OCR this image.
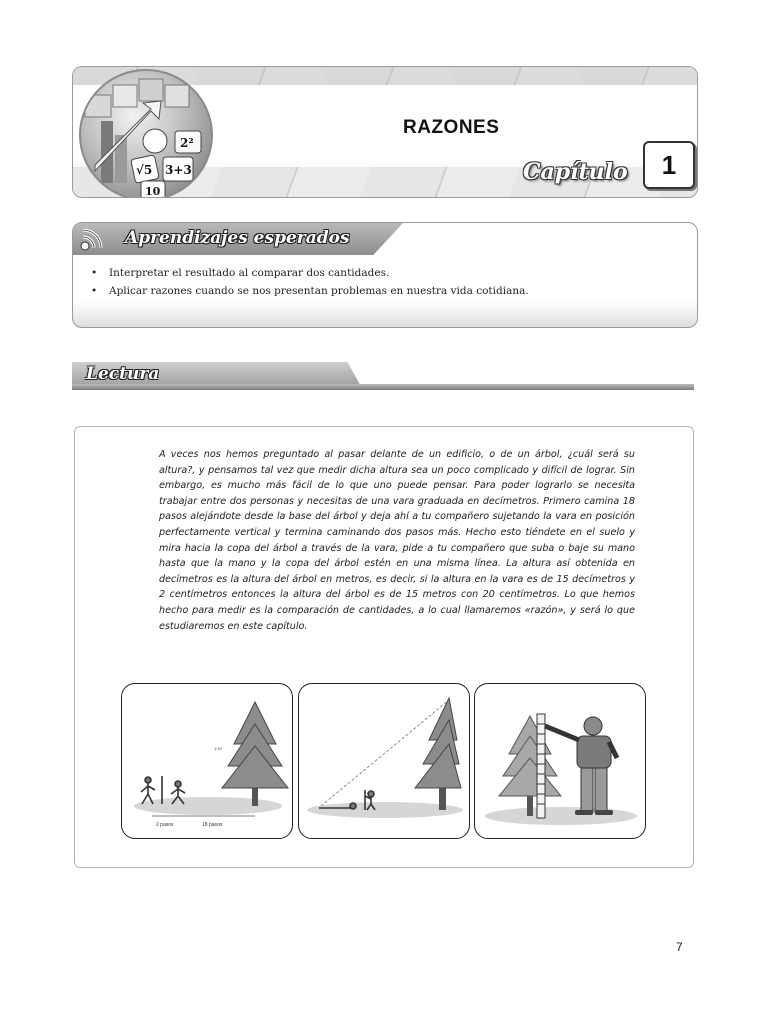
2²
√5 3+3
10
RAZONES
Capítulo	1
Aprendizajes esperados
• Interpretar el resultado al comparar dos cantidades.
• Aplicar razones cuando se nos presentan problemas en nuestra vida cotidiana.
Lectura

A veces nos hemos preguntado al pasar delante de un edificio, o de un árbol, ¿cuál será su altura?, y pensamos tal vez que medir dicha altura sea un poco complicado y difícil de lograr. Sin embargo, es mucho más fácil de lo que uno puede pensar. Para poder lograrlo se necesita trabajar entre dos personas y necesitas de una vara graduada en decímetros. Primero camina 18 pasos alejándote desde la base del árbol y deja ahí a tu compañero sujetando la vara en posición perfectamente vertical y termina caminando dos pasos más. Hecho esto tiéndete en el suelo y mira hacia la copa del árbol a través de la vara, pide a tu compañero que suba o baje su mano hasta que la mano y la copa del árbol estén en una misma línea. La altura así obtenida en decímetros es la altura del árbol en metros, es decir, si la altura en la vara es de 15 decímetros y 2 centímetros entonces la altura del árbol es de 15 metros con 20 centímetros. Lo que hemos hecho para medir es la comparación de cantidades, a lo cual llamaremos «razón», y será lo que estudiaremos en este capítulo.

2 pasos	18 pasos
1:10
7
